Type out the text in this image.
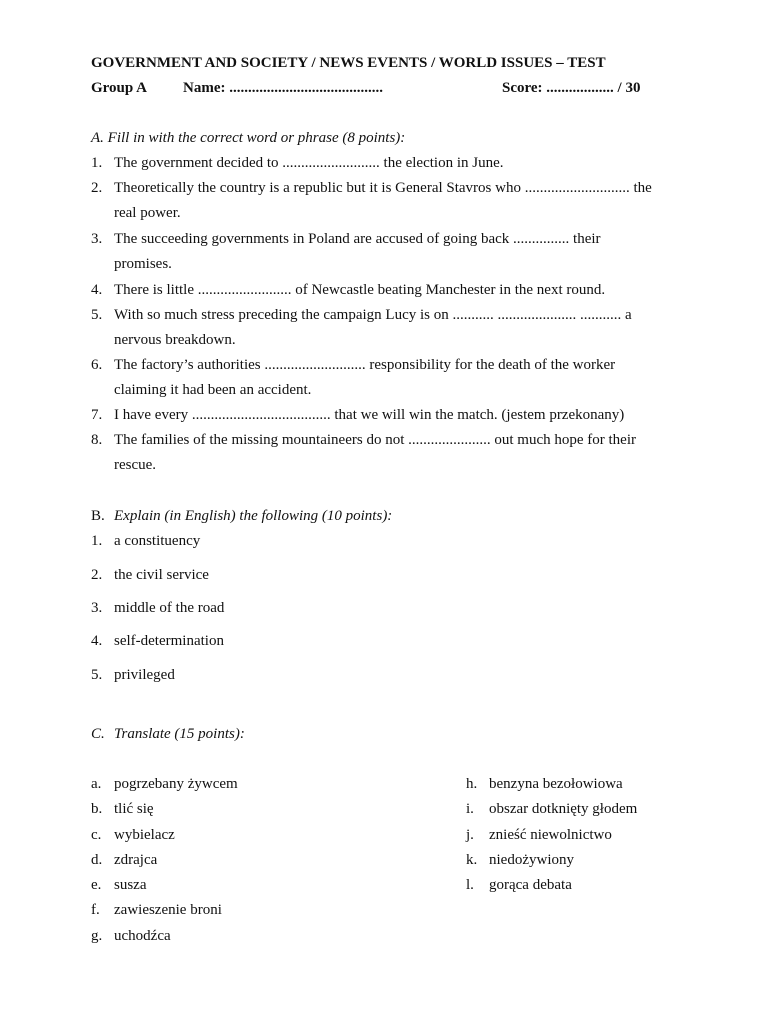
GOVERNMENT AND SOCIETY / NEWS EVENTS / WORLD ISSUES – TEST
Group A Name: .........................................	Score: .................. / 30
A. Fill in with the correct word or phrase (8 points):
1. The government decided to .......................... the election in June.
2. Theoretically the country is a republic but it is General Stavros who ............................ the
real power.
3. The succeeding governments in Poland are accused of going back ............... their
promises.
4. There is little ......................... of Newcastle beating Manchester in the next round.
5. With so much stress preceding the campaign Lucy is on ........... ..................... ........... a
nervous breakdown.
6. The factory’s authorities ........................... responsibility for the death of the worker
claiming it had been an accident.
7. I have every ..................................... that we will win the match. (jestem przekonany)
8. The families of the missing mountaineers do not ...................... out much hope for their
rescue.
B. Explain (in English) the following (10 points):
1. a constituency
2. the civil service
3. middle of the road
4. self-determination
5. privileged
C. Translate (15 points):
a. pogrzebany żywcem
b. tlić się
c. wybielacz
d. zdrajca
e. susza
f. zawieszenie broni
g. uchodźca
h. benzyna bezołowiowa
i. obszar dotknięty głodem
j. znieść niewolnictwo
k. niedożywiony
l. gorąca debata
